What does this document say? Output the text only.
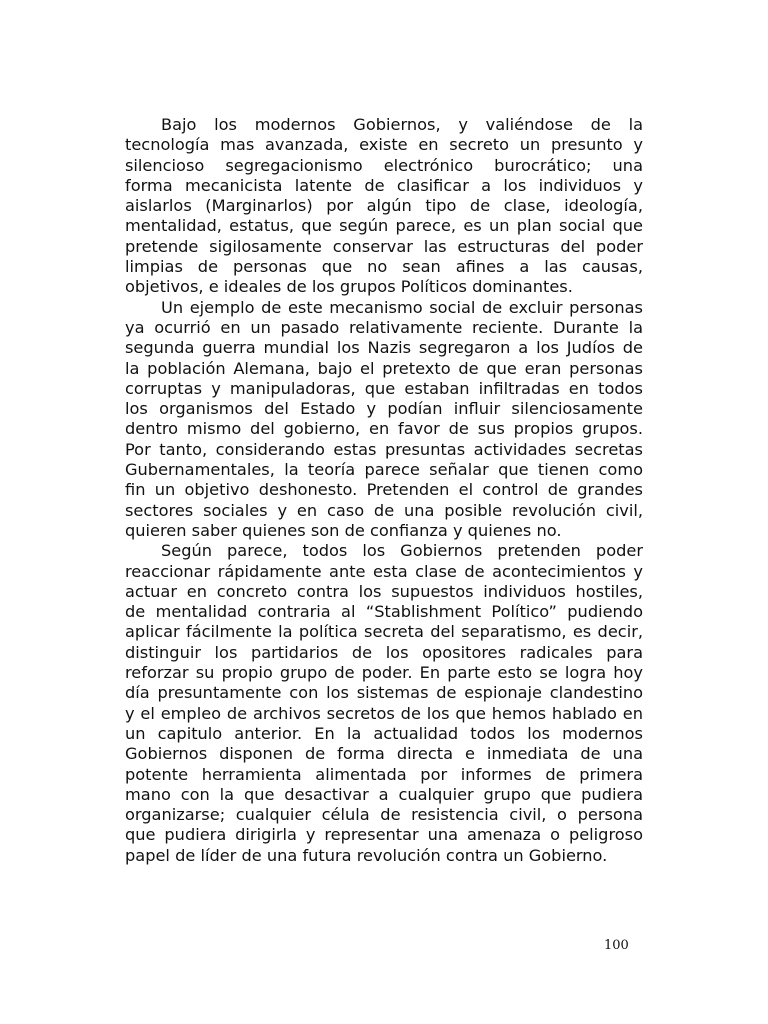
Bajo los modernos Gobiernos, y valiéndose de la
tecnología mas avanzada, existe en secreto un presunto y
silencioso segregacionismo electrónico burocrático; una
forma mecanicista latente de clasificar a los individuos y
aislarlos (Marginarlos) por algún tipo de clase, ideología,
mentalidad, estatus, que según parece, es un plan social que
pretende sigilosamente conservar las estructuras del poder
limpias de personas que no sean afines a las causas,
objetivos, e ideales de los grupos Políticos dominantes.
Un ejemplo de este mecanismo social de excluir personas
ya ocurrió en un pasado relativamente reciente. Durante la
segunda guerra mundial los Nazis segregaron a los Judíos de
la población Alemana, bajo el pretexto de que eran personas
corruptas y manipuladoras, que estaban infiltradas en todos
los organismos del Estado y podían influir silenciosamente
dentro mismo del gobierno, en favor de sus propios grupos.
Por tanto, considerando estas presuntas actividades secretas
Gubernamentales, la teoría parece señalar que tienen como
fin un objetivo deshonesto. Pretenden el control de grandes
sectores sociales y en caso de una posible revolución civil,
quieren saber quienes son de confianza y quienes no.
Según parece, todos los Gobiernos pretenden poder
reaccionar rápidamente ante esta clase de acontecimientos y
actuar en concreto contra los supuestos individuos hostiles,
de mentalidad contraria al “Stablishment Político” pudiendo
aplicar fácilmente la política secreta del separatismo, es decir,
distinguir los partidarios de los opositores radicales para
reforzar su propio grupo de poder. En parte esto se logra hoy
día presuntamente con los sistemas de espionaje clandestino
y el empleo de archivos secretos de los que hemos hablado en
un capitulo anterior. En la actualidad todos los modernos
Gobiernos disponen de forma directa e inmediata de una
potente herramienta alimentada por informes de primera
mano con la que desactivar a cualquier grupo que pudiera
organizarse; cualquier célula de resistencia civil, o persona
que pudiera dirigirla y representar una amenaza o peligroso
papel de líder de una futura revolución contra un Gobierno.
100
